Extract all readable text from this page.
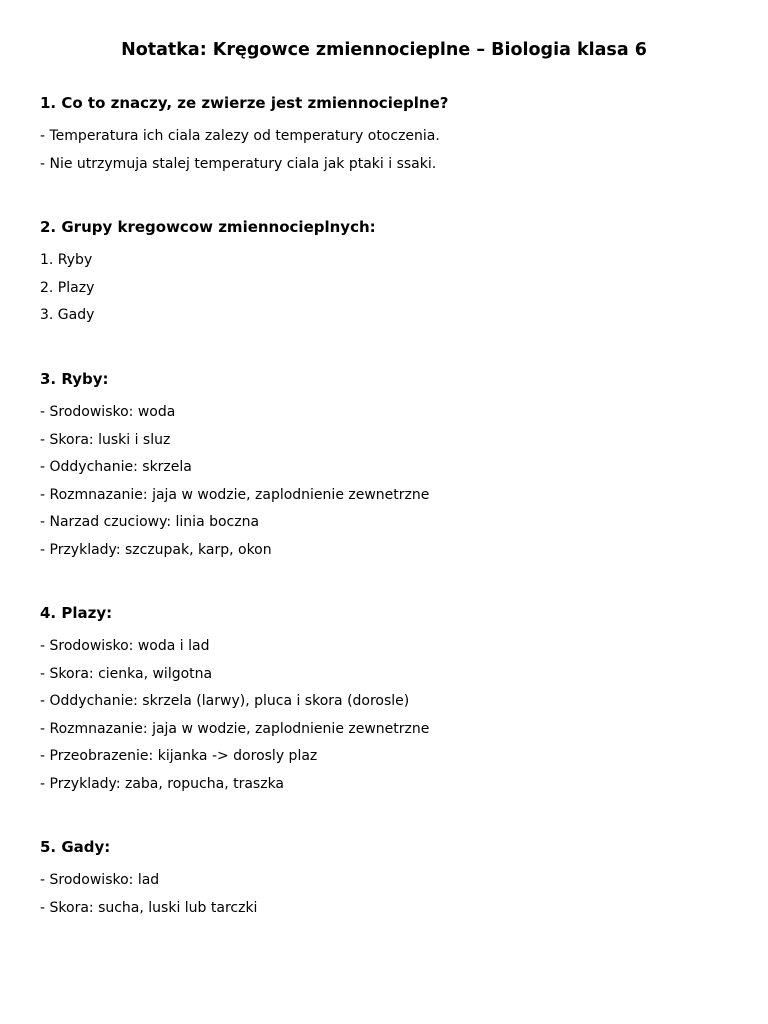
Notatka: Kręgowce zmiennocieplne – Biologia klasa 6
1. Co to znaczy, ze zwierze jest zmiennocieplne?
- Temperatura ich ciala zalezy od temperatury otoczenia.
- Nie utrzymuja stalej temperatury ciala jak ptaki i ssaki.
2. Grupy kregowcow zmiennocieplnych:
1. Ryby
2. Plazy
3. Gady
3. Ryby:
- Srodowisko: woda
- Skora: luski i sluz
- Oddychanie: skrzela
- Rozmnazanie: jaja w wodzie, zaplodnienie zewnetrzne
- Narzad czuciowy: linia boczna
- Przyklady: szczupak, karp, okon
4. Plazy:
- Srodowisko: woda i lad
- Skora: cienka, wilgotna
- Oddychanie: skrzela (larwy), pluca i skora (dorosle)
- Rozmnazanie: jaja w wodzie, zaplodnienie zewnetrzne
- Przeobrazenie: kijanka -> dorosly plaz
- Przyklady: zaba, ropucha, traszka
5. Gady:
- Srodowisko: lad
- Skora: sucha, luski lub tarczki
